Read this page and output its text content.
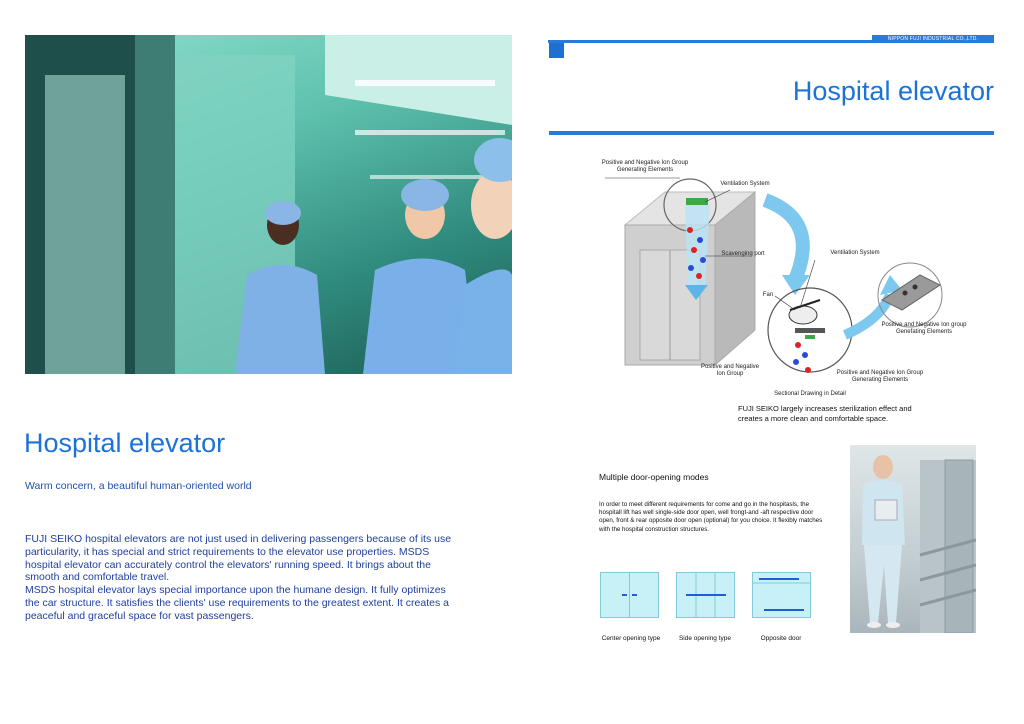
Hospital elevator
Warm concern, a beautiful human-oriented world

FUJI SEIKO hospital elevators are not just used in delivering passengers because of its use particularity, it has special and strict requirements to the elevator use properties. MSDS hospital elevator can accurately control the elevators' running speed. It brings about the smooth and comfortable travel.

MSDS hospital elevator lays special importance upon the humane design. It fully optimizes the car structure. It satisfies the clients' use requirements to the greatest extent. It creates a peaceful and graceful space for vast passengers.

NIPPON FUJI INDUSTRIAL CO.,LTD.
Hospital elevator
Positive and Negative Ion Group Generating Elements
Ventilation System
Scavenging port	Ventilation System
Fan
Positive and Negative Ion group Genefating Elements
Positive and Negative Ion Group	Positive and Negative Ion Group Generating Elements
Sectional Drawing in Detail
FUJI SEIKO largely increases sterilization effect and creates a more clean and comfortable space.
Multiple door-opening modes
In order to meet different requirements for come and go in the hospitasls, the hospitall lift has well single-side door open, well frongt-and -aft respective door open, front & rear opposite door open (optional) for you choice. It flexibly matches with the hospital construction structures.
Center opening type	Side opening type	Opposite door
